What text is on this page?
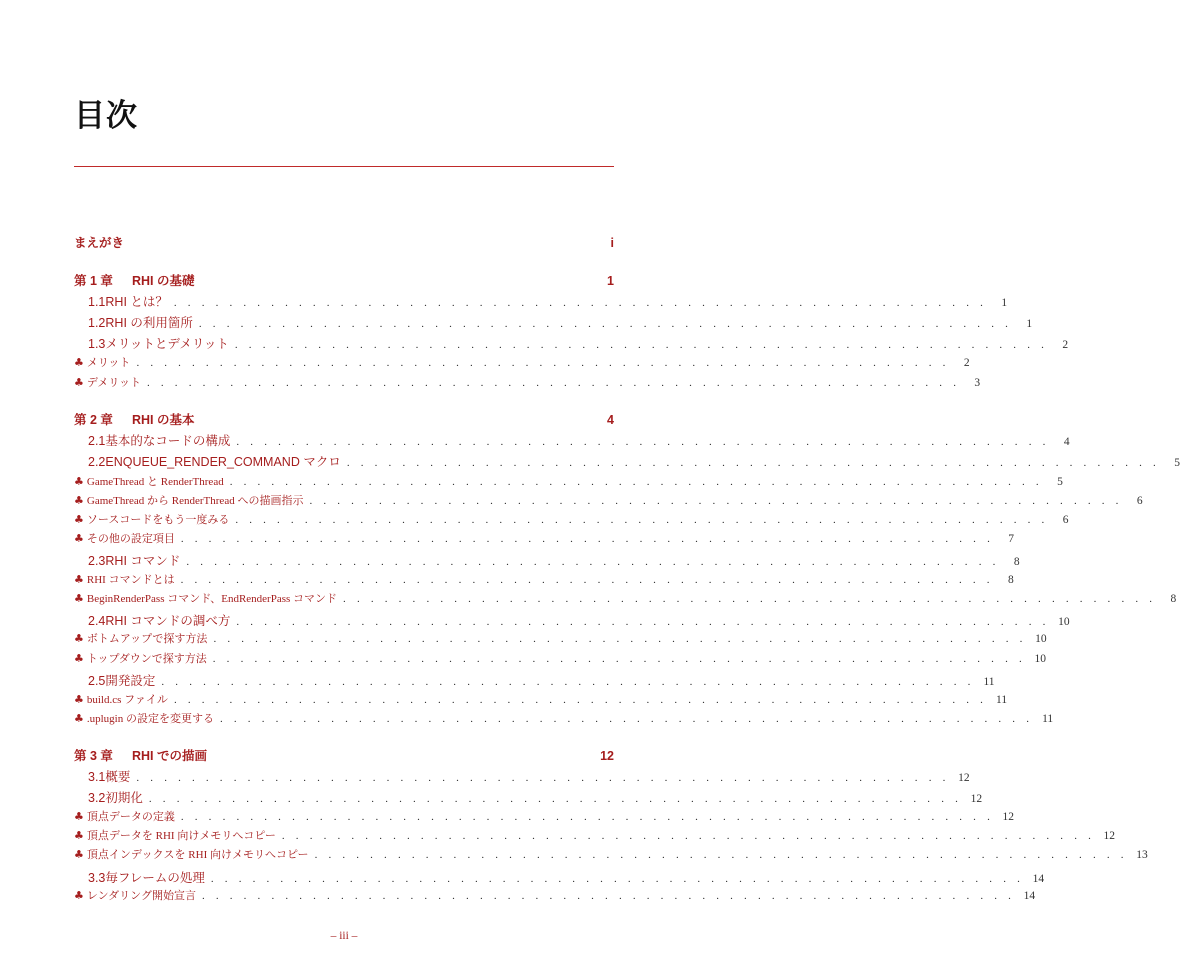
目次
まえがき	i
第 1 章	RHI の基礎	1
1.1 RHI とは？ . . . . . . . . . . . . . . . . . . . . . . . . . . . . . . . . . . . . . . . . . . . . . . . . . . . . . . . . . . .	1
1.2 RHI の利用箇所 . . . . . . . . . . . . . . . . . . . . . . . . . . . . . . . . . . . . . . . . . . . . . . . . . . . . . . . . . . .	1
1.3 メリットとデメリット . . . . . . . . . . . . . . . . . . . . . . . . . . . . . . . . . . . . . . . . . . . . . . . . . . . . . . . . . . .	2
♣ メリット . . . . . . . . . . . . . . . . . . . . . . . . . . . . . . . . . . . . . . . . . . . . . . . . . . . . . . . . . . .	2
♣ デメリット . . . . . . . . . . . . . . . . . . . . . . . . . . . . . . . . . . . . . . . . . . . . . . . . . . . . . . . . . . .	3
第 2 章	RHI の基本	4
2.1 基本的なコードの構成 . . . . . . . . . . . . . . . . . . . . . . . . . . . . . . . . . . . . . . . . . . . . . . . . . . . . . . . . . . .	4
2.2 ENQUEUE_RENDER_COMMAND マクロ . . . . . . . . . . . . . . . . . . . . . . . . . . . . . . . . . . . . . . . . . . . . . . . . . . . . . . . . . . .	5
♣ GameThread と RenderThread . . . . . . . . . . . . . . . . . . . . . . . . . . . . . . . . . . . . . . . . . . . . . . . . . . . . . . . . . . .	5
♣ GameThread から RenderThread への描画指示 . . . . . . . . . . . . . . . . . . . . . . . . . . . . . . . . . . . . . . . . . . . . . . . . . . . . . . . . . . .	6
♣ ソースコードをもう一度みる . . . . . . . . . . . . . . . . . . . . . . . . . . . . . . . . . . . . . . . . . . . . . . . . . . . . . . . . . . .	6
♣ その他の設定項目 . . . . . . . . . . . . . . . . . . . . . . . . . . . . . . . . . . . . . . . . . . . . . . . . . . . . . . . . . . .	7
2.3 RHI コマンド . . . . . . . . . . . . . . . . . . . . . . . . . . . . . . . . . . . . . . . . . . . . . . . . . . . . . . . . . . .	8
♣ RHI コマンドとは . . . . . . . . . . . . . . . . . . . . . . . . . . . . . . . . . . . . . . . . . . . . . . . . . . . . . . . . . . .	8
♣ BeginRenderPass コマンド、EndRenderPass コマンド . . . . . . . . . . . . . . . . . . . . . . . . . . . . . . . . . . . . . . . . . . . . . . . . . . . . . . . . . . .	8
2.4 RHI コマンドの調べ方 . . . . . . . . . . . . . . . . . . . . . . . . . . . . . . . . . . . . . . . . . . . . . . . . . . . . . . . . . . . 10
♣ ボトムアップで探す方法 . . . . . . . . . . . . . . . . . . . . . . . . . . . . . . . . . . . . . . . . . . . . . . . . . . . . . . . . . . . 10
♣ トップダウンで探す方法 . . . . . . . . . . . . . . . . . . . . . . . . . . . . . . . . . . . . . . . . . . . . . . . . . . . . . . . . . . . 10
2.5 開発設定 . . . . . . . . . . . . . . . . . . . . . . . . . . . . . . . . . . . . . . . . . . . . . . . . . . . . . . . . . . . 11
♣ build.cs ファイル . . . . . . . . . . . . . . . . . . . . . . . . . . . . . . . . . . . . . . . . . . . . . . . . . . . . . . . . . . . 11
♣ .uplugin の設定を変更する . . . . . . . . . . . . . . . . . . . . . . . . . . . . . . . . . . . . . . . . . . . . . . . . . . . . . . . . . . . 11
第 3 章	RHI での描画	12
3.1 概要 . . . . . . . . . . . . . . . . . . . . . . . . . . . . . . . . . . . . . . . . . . . . . . . . . . . . . . . . . . . 12
3.2 初期化 . . . . . . . . . . . . . . . . . . . . . . . . . . . . . . . . . . . . . . . . . . . . . . . . . . . . . . . . . . . 12
♣ 頂点データの定義 . . . . . . . . . . . . . . . . . . . . . . . . . . . . . . . . . . . . . . . . . . . . . . . . . . . . . . . . . . . 12
♣ 頂点データを RHI 向けメモリへコピー . . . . . . . . . . . . . . . . . . . . . . . . . . . . . . . . . . . . . . . . . . . . . . . . . . . . . . . . . . . 12
♣ 頂点インデックスを RHI 向けメモリへコピー . . . . . . . . . . . . . . . . . . . . . . . . . . . . . . . . . . . . . . . . . . . . . . . . . . . . . . . . . . . 13
3.3 毎フレームの処理 . . . . . . . . . . . . . . . . . . . . . . . . . . . . . . . . . . . . . . . . . . . . . . . . . . . . . . . . . . . 14
♣ レンダリング開始宣言 . . . . . . . . . . . . . . . . . . . . . . . . . . . . . . . . . . . . . . . . . . . . . . . . . . . . . . . . . . . 14
– iii –
